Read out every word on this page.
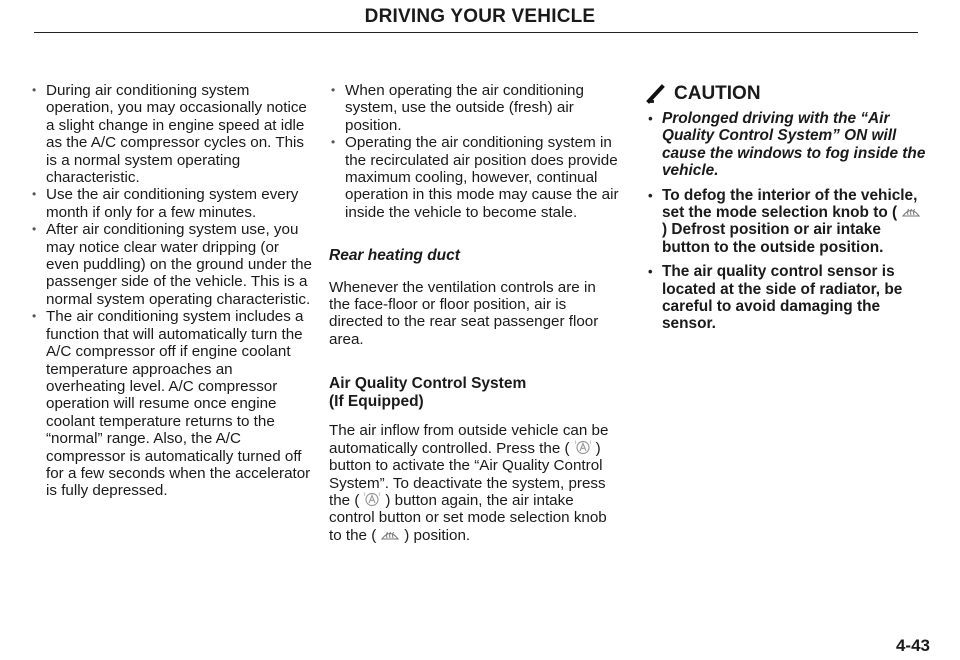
DRIVING YOUR VEHICLE
• During air conditioning system operation, you may occasionally notice a slight change in engine speed at idle as the A/C compressor cycles on. This is a normal system operating characteristic.
• Use the air conditioning system every month if only for a few minutes.
• After air conditioning system use, you may notice clear water dripping (or even puddling) on the ground under the passenger side of the vehicle. This is a normal system operating characteristic.
• The air conditioning system includes a function that will automatically turn the A/C compressor off if engine coolant temperature approaches an overheating level. A/C compressor operation will resume once engine coolant temperature returns to the “normal” range. Also, the A/C compressor is automatically turned off for a few seconds when the accelerator is fully depressed.
• When operating the air conditioning system, use the outside (fresh) air position.
• Operating the air conditioning system in the recirculated air position does provide maximum cooling, however, continual operation in this mode may cause the air inside the vehicle to become stale.
Rear heating duct

Whenever the ventilation controls are in the face-floor or floor position, air is directed to the rear seat passenger floor area.

Air Quality Control System
(If Equipped)

The air inflow from outside vehicle can be automatically controlled. Press the ( ) button to activate the “Air Quality Control System”. To deactivate the system, press the ( ) button again, the air intake control button or set mode selection knob to the ( ) position.

CAUTION
• Prolonged driving with the “Air Quality Control System” ON will cause the windows to fog inside the vehicle.
• To defog the interior of the vehicle, set the mode selection knob to () Defrost position or air intake button to the outside position.
• The air quality control sensor is located at the side of radiator, be careful to avoid damaging the sensor.
4-43
